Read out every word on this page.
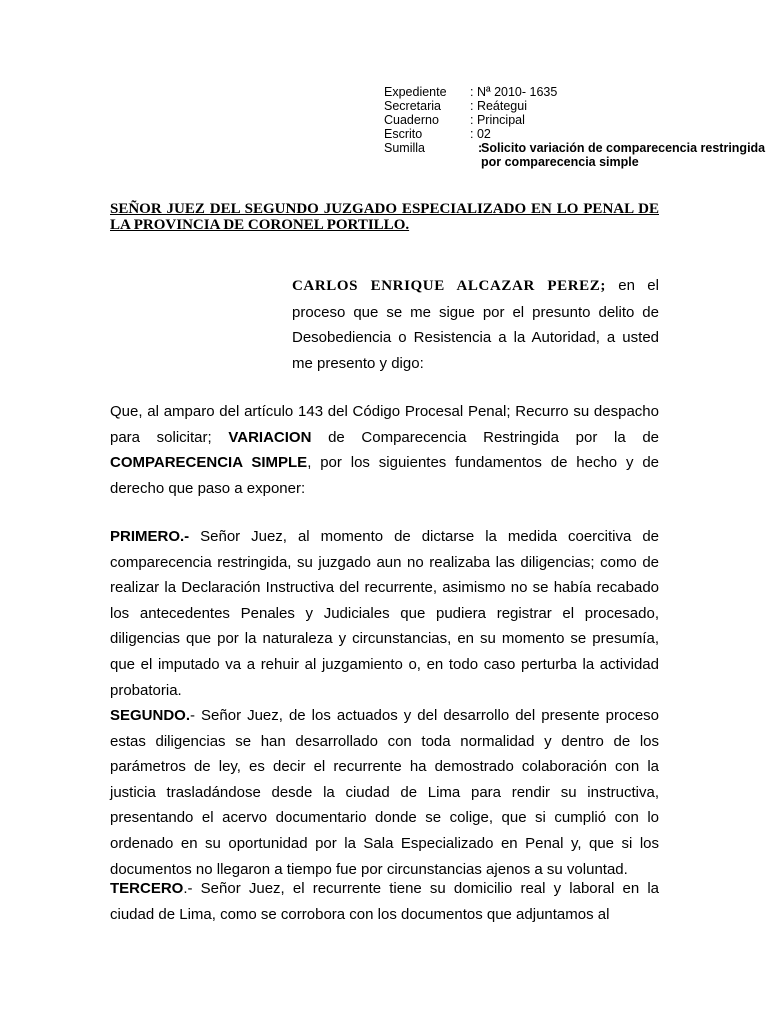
Expediente : Nª 2010- 1635
Secretaria : Reátegui
Cuaderno : Principal
Escrito	: 02
Sumilla	:
Solicito variación de comparecencia restringida
por comparecencia simple
SEÑOR JUEZ DEL SEGUNDO JUZGADO ESPECIALIZADO EN LO PENAL DE LA PROVINCIA DE CORONEL PORTILLO.
CARLOS ENRIQUE ALCAZAR PEREZ; en el proceso que se me sigue por el presunto delito de Desobediencia o Resistencia a la Autoridad, a usted me presento y digo:

Que, al amparo del artículo 143 del Código Procesal Penal; Recurro su despacho para solicitar; VARIACION de Comparecencia Restringida por la de COMPARECENCIA SIMPLE, por los siguientes fundamentos de hecho y de derecho que paso a exponer:

PRIMERO.- Señor Juez, al momento de dictarse la medida coercitiva de comparecencia restringida, su juzgado aun no realizaba las diligencias; como de realizar la Declaración Instructiva del recurrente, asimismo no se había recabado los antecedentes Penales y Judiciales que pudiera registrar el procesado, diligencias que por la naturaleza y circunstancias, en su momento se presumía, que el imputado va a rehuir al juzgamiento o, en todo caso perturba la actividad probatoria.

SEGUNDO.- Señor Juez, de los actuados y del desarrollo del presente proceso estas diligencias se han desarrollado con toda normalidad y dentro de los parámetros de ley, es decir el recurrente ha demostrado colaboración con la justicia trasladándose desde la ciudad de Lima para rendir su instructiva, presentando el acervo documentario donde se colige, que si cumplió con lo ordenado en su oportunidad por la Sala Especializado en Penal y, que si los documentos no llegaron a tiempo fue por circunstancias ajenos a su voluntad.

TERCERO.- Señor Juez, el recurrente tiene su domicilio real y laboral en la ciudad de Lima, como se corrobora con los documentos que adjuntamos al
